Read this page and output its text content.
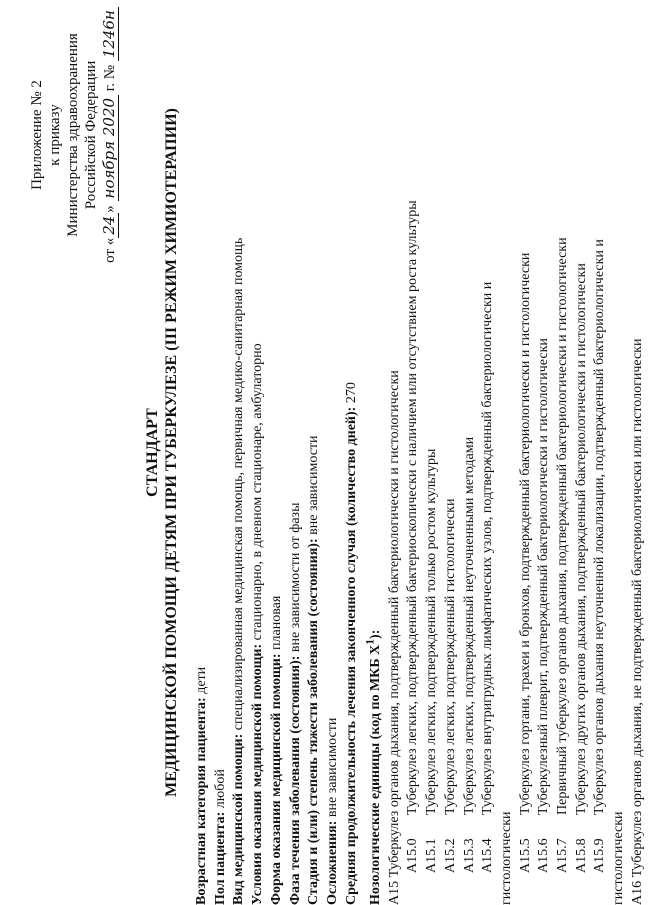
Приложение № 2 к приказу Министерства здравоохранения Российской Федерации
от «24» ноября 2020 г. № 1246н
СТАНДАРТ МЕДИЦИНСКОЙ ПОМОЩИ ДЕТЯМ ПРИ ТУБЕРКУЛЕЗЕ (III РЕЖИМ ХИМИОТЕРАПИИ)

Возрастная категория пациента: дети

Пол пациента: любой Вид медицинской помощи: специализированная медицинская помощь, первичная медико-санитарная помощь

Условия оказания медицинской помощи: стационарно, в дневном стационаре, амбулаторно

Форма оказания медицинской помощи: плановая

Фаза течения заболевания (состояния): вне зависимости от фазы Стадия и (или) степень тяжести заболевания (состояния): вне зависимости

Осложнения: вне зависимости Средняя продолжительность лечения законченного случая (количество дней): 270

Нозологические единицы (код по МКБ $X^1$): A15 Туберкулез органов дыхания, подтвержденный бактериологически и гистологически A15.0Туберкулез легких, подтвержденный бактериоскопически с наличием или отсутствием роста культуры

A15.1Туберкулез легких, подтвержденный только ростом культуры

A15.2Туберкулез легких, подтвержденный гистологически

A15.3Туберкулез легких, подтвержденный неуточненными методами

A15.4Туберкулез внутригрудных лимфатических узлов, подтвержденный бактериологически и

гистологически A15.5Туберкулез гортани, трахеи и бронхов, подтвержденный бактериологически и гистологически

A15.6Туберкулезный плеврит, подтвержденный бактериологически и гистологически

A15.7Первичный туберкулез органов дыхания, подтвержденный бактериологически и гистологически

A15.8Туберкулез других органов дыхания, подтвержденный бактериологически и гистологически

A15.9Туберкулез органов дыхания неуточненной локализации, подтвержденный бактериологически и

гистологически A16 Туберкулез органов дыхания, не подтвержденный бактериологически или гистологически
